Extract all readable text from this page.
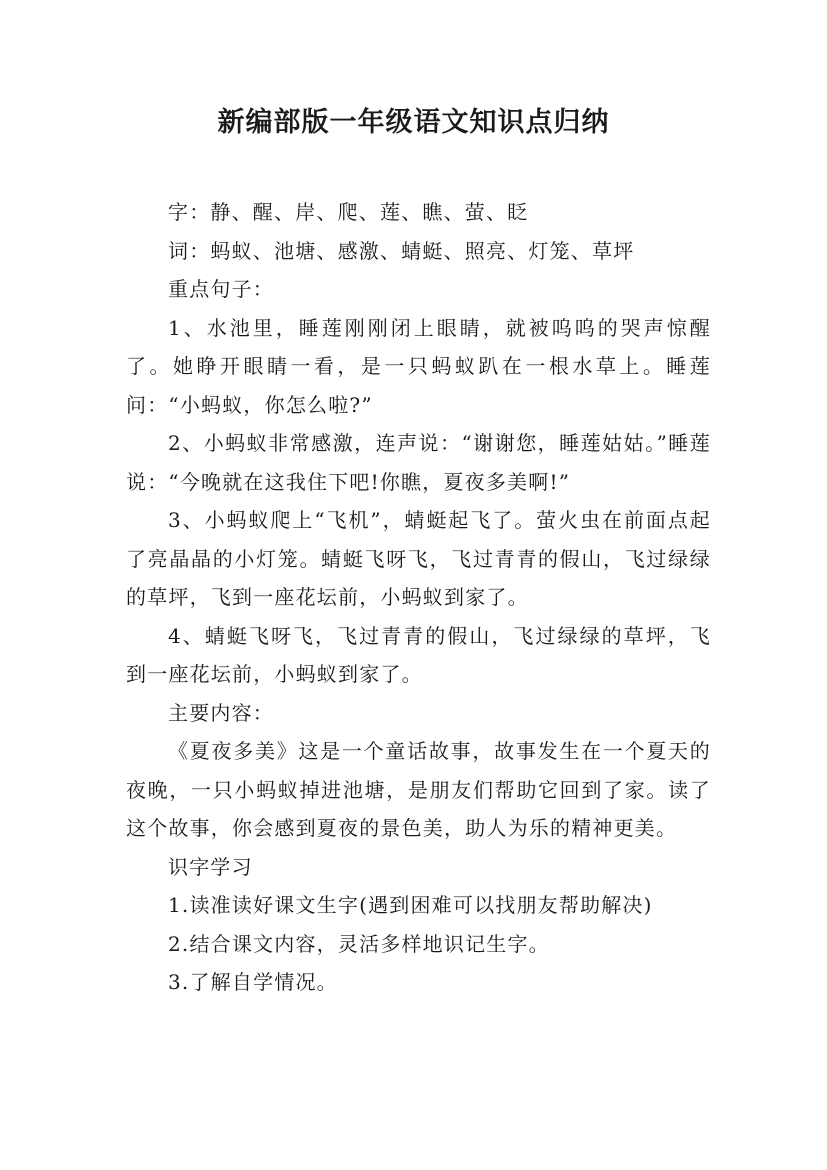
新编部版一年级语文知识点归纳

字：静、醒、岸、爬、莲、瞧、萤、眨

词：蚂蚁、池塘、感激、蜻蜓、照亮、灯笼、草坪

重点句子：

1、水池里，睡莲刚刚闭上眼睛，就被呜呜的哭声惊醒了。她睁开眼睛一看，是一只蚂蚁趴在一根水草上。睡莲问：“小蚂蚁，你怎么啦?”

2、小蚂蚁非常感激，连声说：“谢谢您，睡莲姑姑。”睡莲说：“今晚就在这我住下吧!你瞧，夏夜多美啊!”

3、小蚂蚁爬上“飞机”，蜻蜓起飞了。萤火虫在前面点起了亮晶晶的小灯笼。蜻蜓飞呀飞，飞过青青的假山，飞过绿绿的草坪，飞到一座花坛前，小蚂蚁到家了。

4、蜻蜓飞呀飞，飞过青青的假山，飞过绿绿的草坪，飞到一座花坛前，小蚂蚁到家了。

主要内容：

《夏夜多美》这是一个童话故事，故事发生在一个夏天的夜晚，一只小蚂蚁掉进池塘，是朋友们帮助它回到了家。读了这个故事，你会感到夏夜的景色美，助人为乐的精神更美。

识字学习

1.读准读好课文生字(遇到困难可以找朋友帮助解决)

2.结合课文内容，灵活多样地识记生字。

3.了解自学情况。
